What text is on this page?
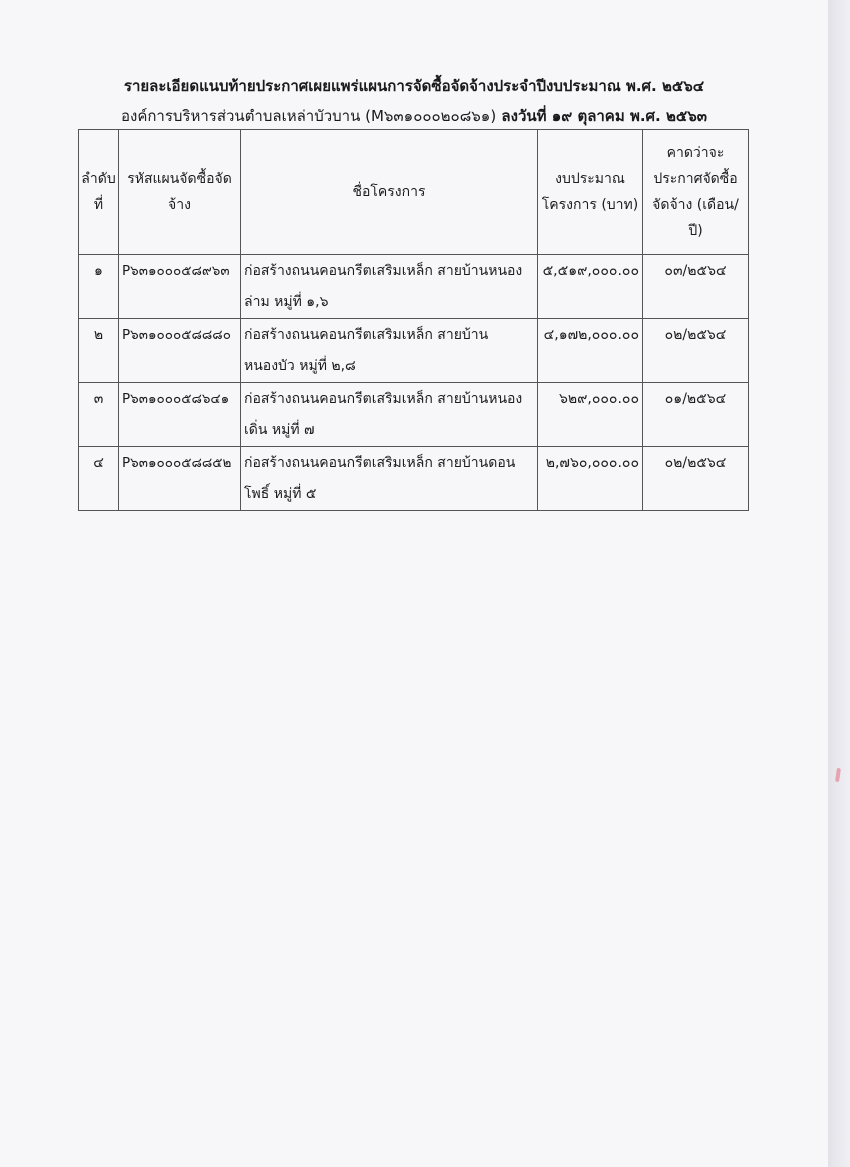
รายละเอียดแนบท้ายประกาศเผยแพร่แผนการจัดซื้อจัดจ้างประจำปีงบประมาณ พ.ศ. ๒๕๖๔
องค์การบริหารส่วนตำบลเหล่าบัวบาน (M๖๓๑๐๐๐๒๐๘๖๑) ลงวันที่ ๑๙ ตุลาคม พ.ศ. ๒๕๖๓
ลำดับที่	รหัสแผนจัดซื้อจัดจ้าง	ชื่อโครงการ	งบประมาณโครงการ (บาท)	คาดว่าจะประกาศจัดซื้อจัดจ้าง (เดือน/ปี)
๑	P๖๓๑๐๐๐๕๘๙๖๓	ก่อสร้างถนนคอนกรีตเสริมเหล็ก สายบ้านหนองล่าม หมู่ที่ ๑,๖	๕,๕๑๙,๐๐๐.๐๐	๐๓/๒๕๖๔
๒	P๖๓๑๐๐๐๕๘๘๘๐	ก่อสร้างถนนคอนกรีตเสริมเหล็ก สายบ้านหนองบัว หมู่ที่ ๒,๘	๔,๑๗๒,๐๐๐.๐๐	๐๒/๒๕๖๔
๓	P๖๓๑๐๐๐๕๘๖๔๑	ก่อสร้างถนนคอนกรีตเสริมเหล็ก สายบ้านหนองเดิ่น หมู่ที่ ๗	๖๒๙,๐๐๐.๐๐	๐๑/๒๕๖๔
๔	P๖๓๑๐๐๐๕๘๘๕๒	ก่อสร้างถนนคอนกรีตเสริมเหล็ก สายบ้านดอนโพธิ์ หมู่ที่ ๕	๒,๗๖๐,๐๐๐.๐๐	๐๒/๒๕๖๔
